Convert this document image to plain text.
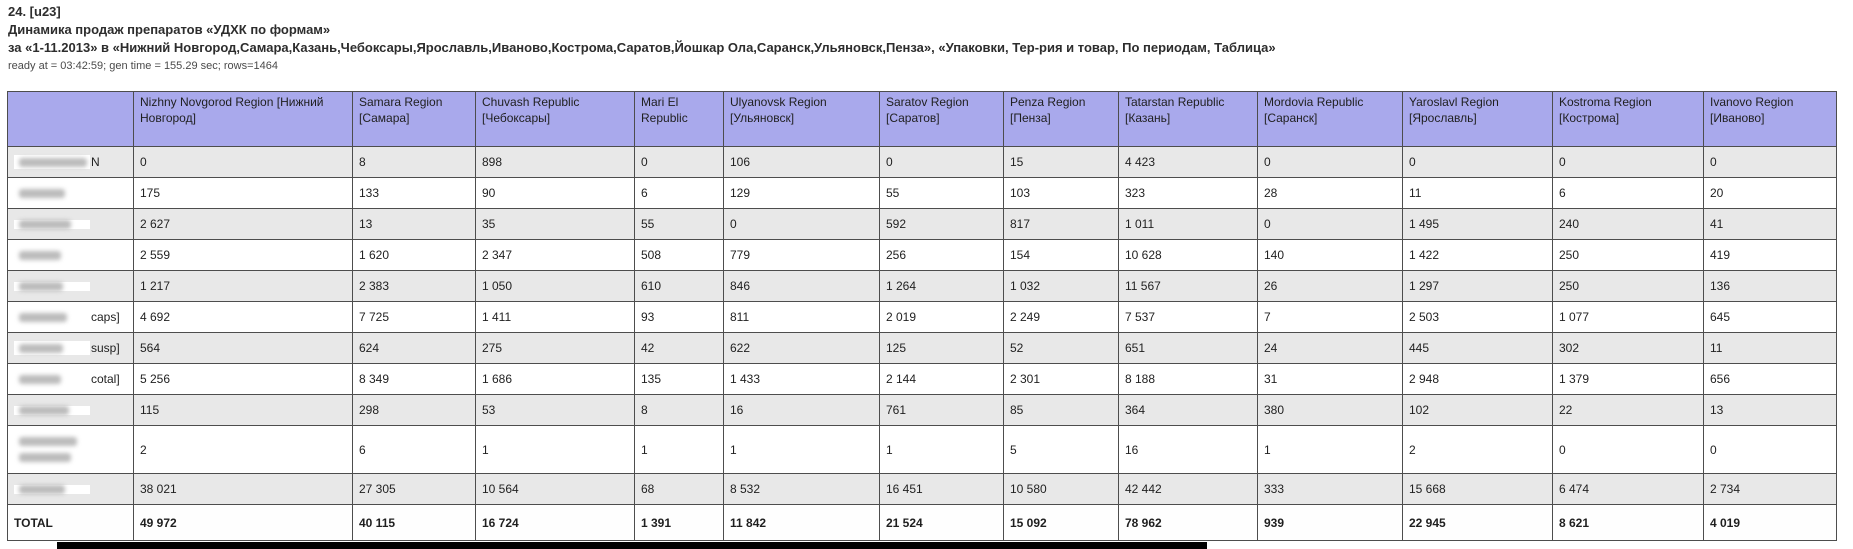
24. [u23]
Динамика продаж препаратов «УДХК по формам»
за «1-11.2013» в «Нижний Новгород,Самара,Казань,Чебоксары,Ярославль,Иваново,Кострома,Саратов,Йошкар Ола,Саранск,Ульяновск,Пенза», «Упаковки, Тер-рия и товар, По периодам, Таблица»
ready at = 03:42:59; gen time = 155.29 sec; rows=1464
	Nizhny Novgorod Region [Нижний Новгород]	Samara Region [Самара]	Chuvash Republic [Чебоксары]	Mari El Republic	Ulyanovsk Region [Ульяновск]	Saratov Region [Саратов]	Penza Region [Пенза]	Tatarstan Republic [Казань]	Mordovia Republic [Саранск]	Yaroslavl Region [Ярославль]	Kostroma Region [Кострома]	Ivanovo Region [Иваново]

N	0	8	898	0	106	0	15	4 423	0	0	0	0

	175	133	90	6	129	55	103	323	28	11	6	20

	2 627	13	35	55	0	592	817	1 011	0	1 495	240	41

	2 559	1 620	2 347	508	779	256	154	10 628	140	1 422	250	419

	1 217	2 383	1 050	610	846	1 264	1 032	11 567	26	1 297	250	136

caps]	4 692	7 725	1 411	93	811	2 019	2 249	7 537	7	2 503	1 077	645

susp]	564	624	275	42	622	125	52	651	24	445	302	11

cotal]	5 256	8 349	1 686	135	1 433	2 144	2 301	8 188	31	2 948	1 379	656

	115	298	53	8	16	761	85	364	380	102	22	13

	2	6	1	1	1	1	5	16	1	2	0	0

	38 021	27 305	10 564	68	8 532	16 451	10 580	42 442	333	15 668	6 474	2 734
TOTAL	49 972	40 115	16 724	1 391	11 842	21 524	15 092	78 962	939	22 945	8 621	4 019
